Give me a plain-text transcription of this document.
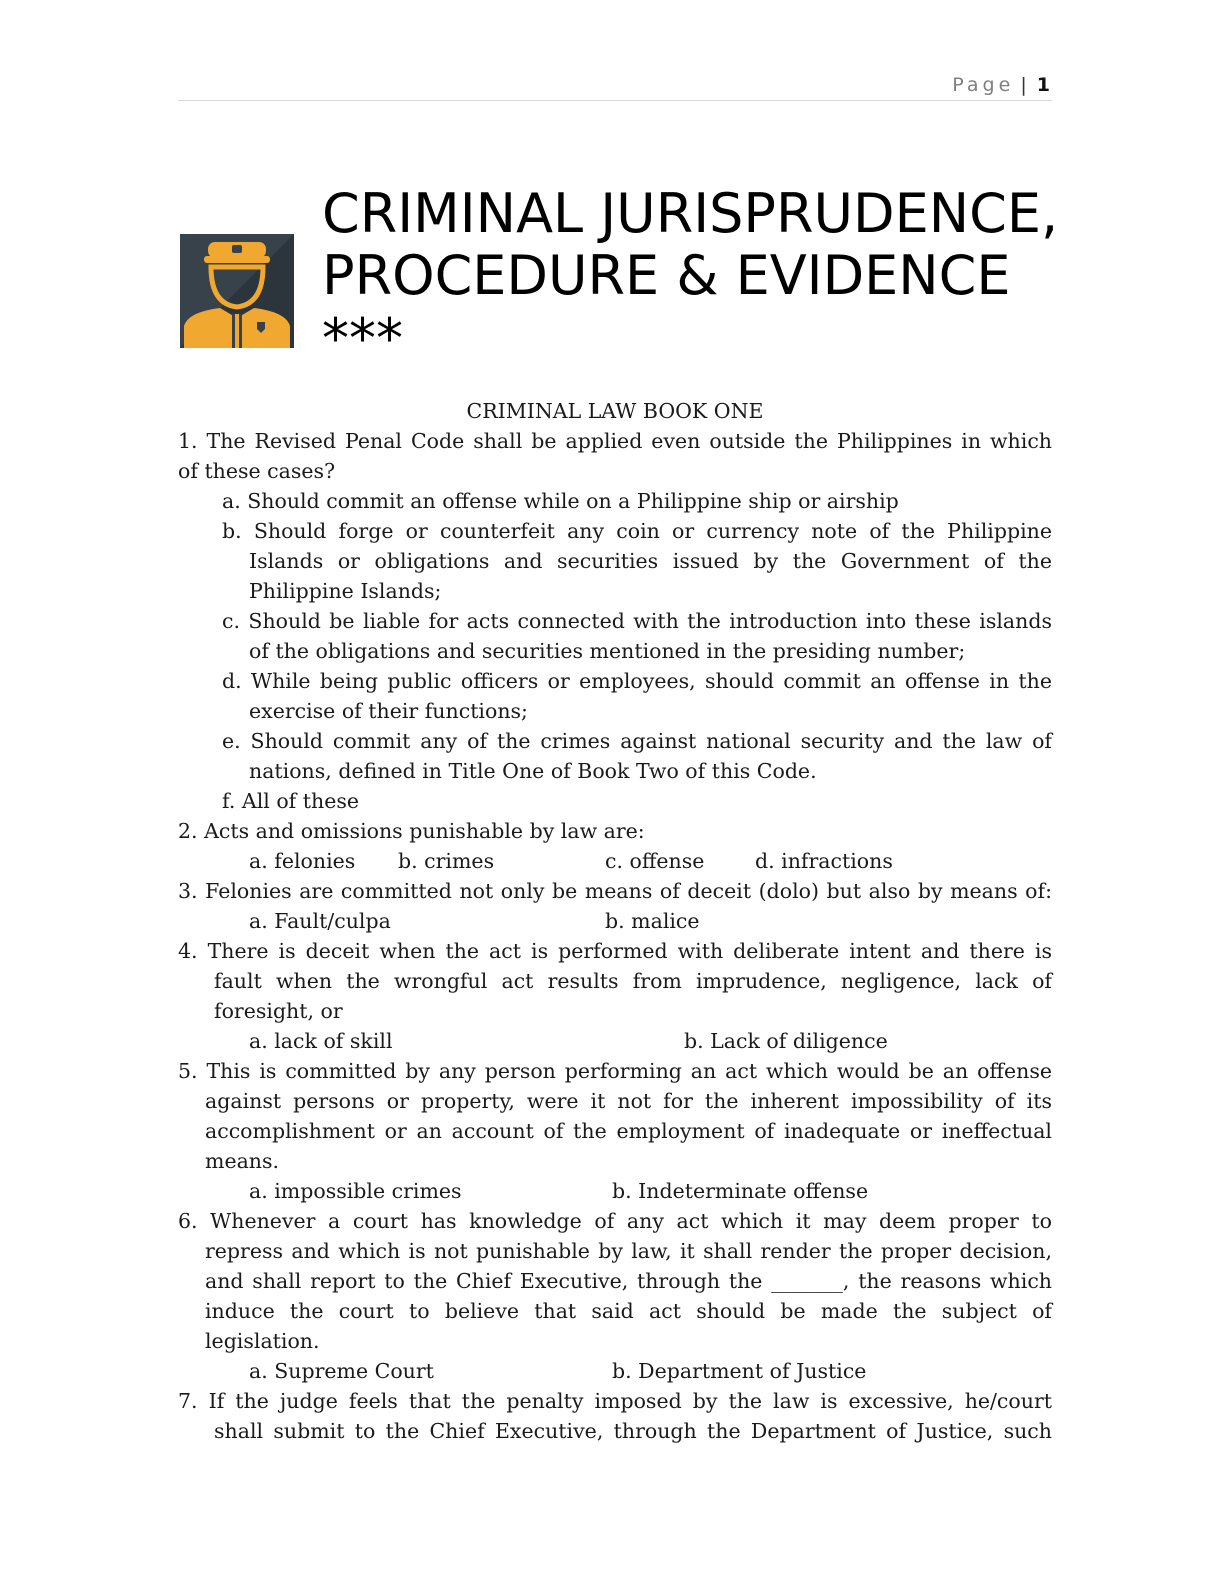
Page | 1
CRIMINAL JURISPRUDENCE,
PROCEDURE & EVIDENCE
***
CRIMINAL LAW BOOK ONE
1. The Revised Penal Code shall be applied even outside the Philippines in which
of these cases?
a. Should commit an offense while on a Philippine ship or airship
b. Should forge or counterfeit any coin or currency note of the Philippine
Islands or obligations and securities issued by the Government of the
Philippine Islands;
c. Should be liable for acts connected with the introduction into these islands
of the obligations and securities mentioned in the presiding number;
d. While being public officers or employees, should commit an offense in the
exercise of their functions;
e. Should commit any of the crimes against national security and the law of
nations, defined in Title One of Book Two of this Code.
f. All of these
2. Acts and omissions punishable by law are:
a. felonies b. crimes	c. offense d. infractions
3. Felonies are committed not only be means of deceit (dolo) but also by means of:
a. Fault/culpa	b. malice
4. There is deceit when the act is performed with deliberate intent and there is
fault when the wrongful act results from imprudence, negligence, lack of
foresight, or
a. lack of skill	b. Lack of diligence
5. This is committed by any person performing an act which would be an offense
against persons or property, were it not for the inherent impossibility of its
accomplishment or an account of the employment of inadequate or ineffectual
means.
a. impossible crimes	b. Indeterminate offense
6. Whenever a court has knowledge of any act which it may deem proper to
repress and which is not punishable by law, it shall render the proper decision,
and shall report to the Chief Executive, through the _______, the reasons which
induce the court to believe that said act should be made the subject of
legislation.
a. Supreme Court	b. Department of Justice
7. If the judge feels that the penalty imposed by the law is excessive, he/court
shall submit to the Chief Executive, through the Department of Justice, such
